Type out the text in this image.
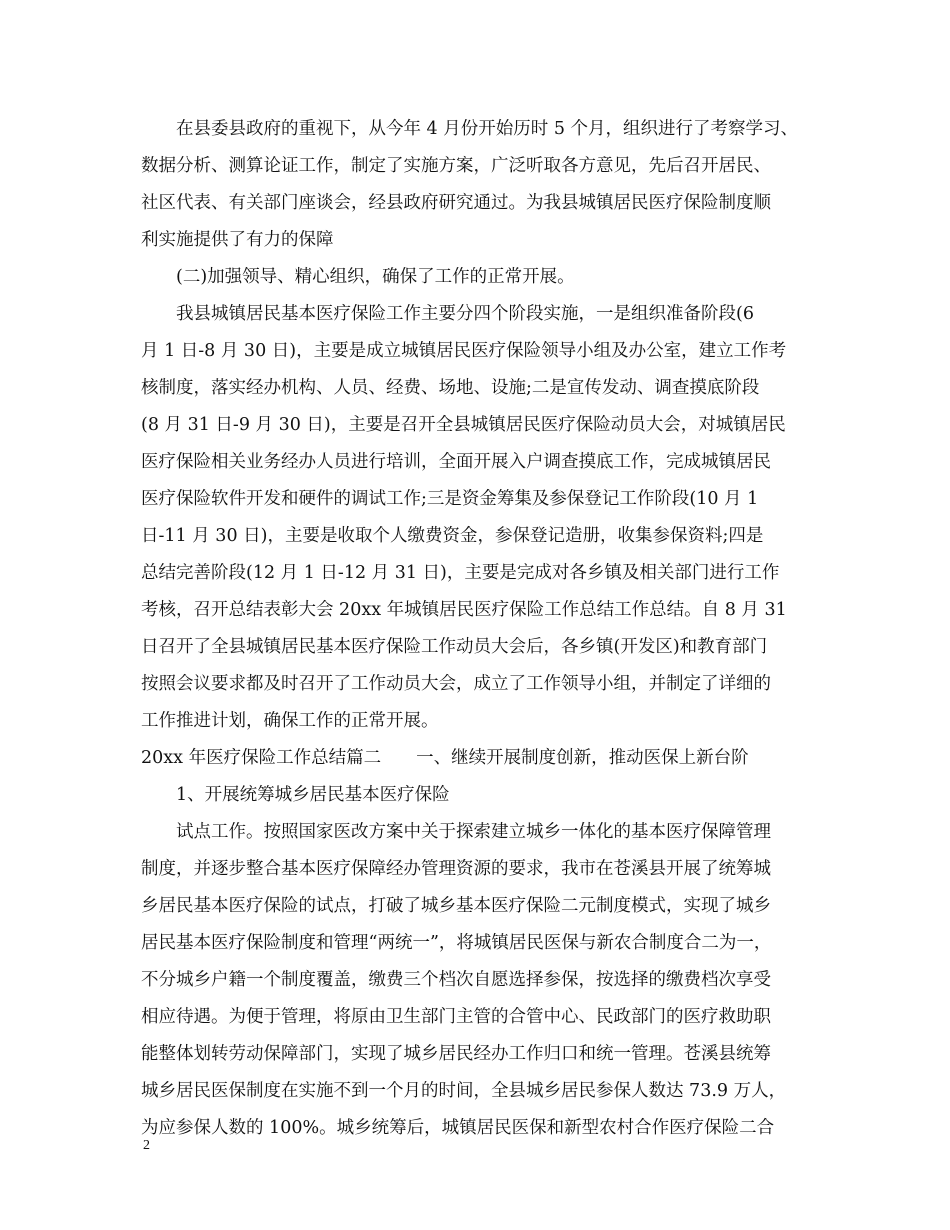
在县委县政府的重视下，从今年 4 月份开始历时 5 个月，组织进行了考察学习、

数据分析、测算论证工作，制定了实施方案，广泛听取各方意见，先后召开居民、

社区代表、有关部门座谈会，经县政府研究通过。为我县城镇居民医疗保险制度顺

利实施提供了有力的保障

(二)加强领导、精心组织，确保了工作的正常开展。

我县城镇居民基本医疗保险工作主要分四个阶段实施，一是组织准备阶段(6

月 1 日-8 月 30 日)，主要是成立城镇居民医疗保险领导小组及办公室，建立工作考

核制度，落实经办机构、人员、经费、场地、设施;二是宣传发动、调查摸底阶段

(8 月 31 日-9 月 30 日)，主要是召开全县城镇居民医疗保险动员大会，对城镇居民

医疗保险相关业务经办人员进行培训，全面开展入户调查摸底工作，完成城镇居民

医疗保险软件开发和硬件的调试工作;三是资金筹集及参保登记工作阶段(10 月 1

日-11 月 30 日)，主要是收取个人缴费资金，参保登记造册，收集参保资料;四是

总结完善阶段(12 月 1 日-12 月 31 日)，主要是完成对各乡镇及相关部门进行工作

考核，召开总结表彰大会 20xx 年城镇居民医疗保险工作总结工作总结。自 8 月 31

日召开了全县城镇居民基本医疗保险工作动员大会后，各乡镇(开发区)和教育部门

按照会议要求都及时召开了工作动员大会，成立了工作领导小组，并制定了详细的

工作推进计划，确保工作的正常开展。

20xx 年医疗保险工作总结篇二　　一、继续开展制度创新，推动医保上新台阶

1、开展统筹城乡居民基本医疗保险

试点工作。按照国家医改方案中关于探索建立城乡一体化的基本医疗保障管理

制度，并逐步整合基本医疗保障经办管理资源的要求，我市在苍溪县开展了统筹城

乡居民基本医疗保险的试点，打破了城乡基本医疗保险二元制度模式，实现了城乡

居民基本医疗保险制度和管理“两统一”，将城镇居民医保与新农合制度合二为一，

不分城乡户籍一个制度覆盖，缴费三个档次自愿选择参保，按选择的缴费档次享受

相应待遇。为便于管理，将原由卫生部门主管的合管中心、民政部门的医疗救助职

能整体划转劳动保障部门，实现了城乡居民经办工作归口和统一管理。苍溪县统筹

城乡居民医保制度在实施不到一个月的时间，全县城乡居民参保人数达 73.9 万人，

为应参保人数的 100%。城乡统筹后，城镇居民医保和新型农村合作医疗保险二合

2
